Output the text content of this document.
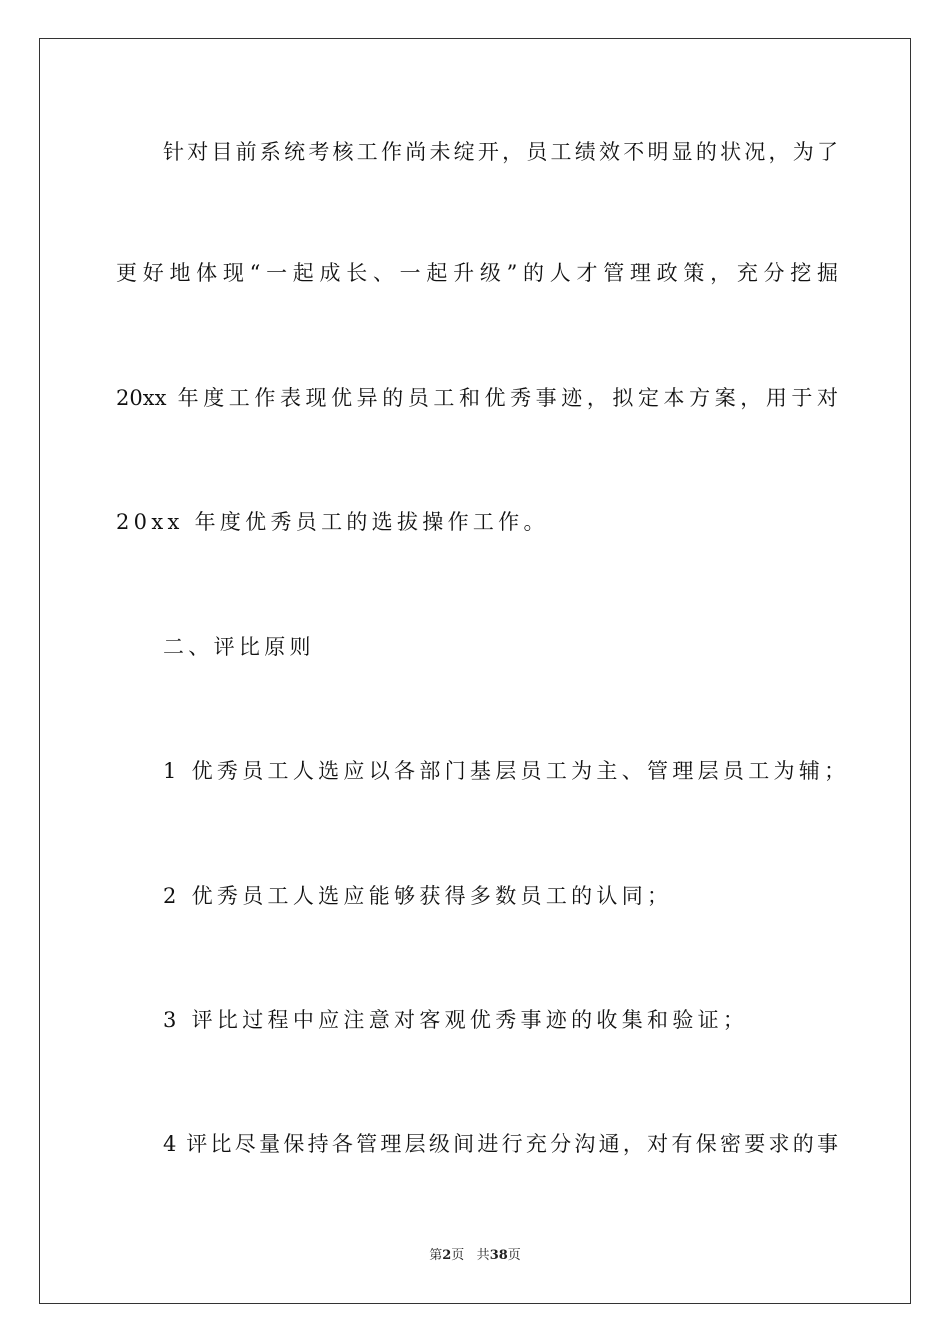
针对目前系统考核工作尚未绽开，员工绩效不明显的状况，为了
更好地体现“一起成长、一起升级”的人才管理政策，充分挖掘
20xx 年度工作表现优异的员工和优秀事迹，拟定本方案，用于对
20xx 年度优秀员工的选拔操作工作。
二、评比原则
1 优秀员工人选应以各部门基层员工为主、管理层员工为辅；
2 优秀员工人选应能够获得多数员工的认同；
3 评比过程中应注意对客观优秀事迹的收集和验证；
4 评比尽量保持各管理层级间进行充分沟通，对有保密要求的事
第2页 共38页
